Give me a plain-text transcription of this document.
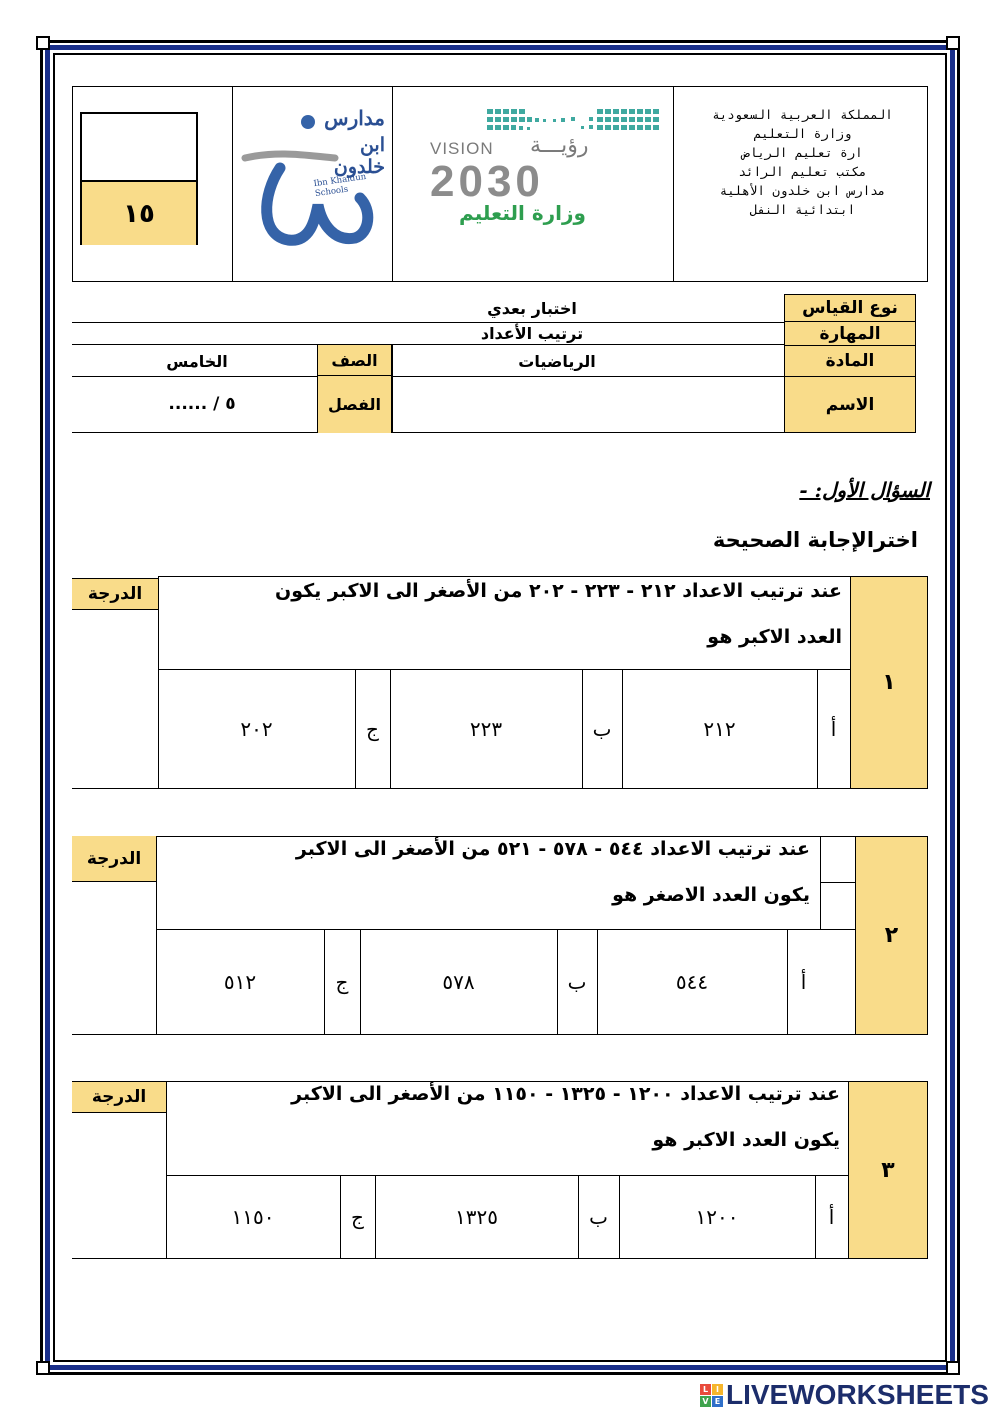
١٥
مدارس
ابن خلدون
Ibn Khaldun Schools
VISION رؤيـــة
2030
وزارة التعليم
المملكة العربية السعودية
وزارة التعليم
ارة تعليم الرياض
مكتب تعليم الرائد
مدارس ابن خلدون الأهلية
ابتدائية النفل
نوع القياس
المهارة
المادة
الاسم
اختبار بعدي
ترتيب الأعداد
الرياضيات
الصف
الفصل
الخامس
٥ / ......
السؤال الأول: -
اخترالإجابة الصحيحة
١
عند ترتيب الاعداد ٢١٢ - ٢٢٣ - ٢٠٢ من الأصغر الى الاكبر يكون
العدد الاكبر هو
الدرجة
أ
٢١٢
ب
٢٢٣
ج
٢٠٢
٢
عند ترتيب الاعداد ٥٤٤ - ٥٧٨ - ٥٢١ من الأصغر الى الاكبر
يكون العدد الاصغر هو
الدرجة
أ
٥٤٤
ب
٥٧٨
ج
٥١٢
٣
عند ترتيب الاعداد ١٢٠٠ - ١٣٢٥ - ١١٥٠ من الأصغر الى الاكبر
يكون العدد الاكبر هو
الدرجة
أ
١٢٠٠
ب
١٣٢٥
ج
١١٥٠
L I
V E LIVEWORKSHEETS
